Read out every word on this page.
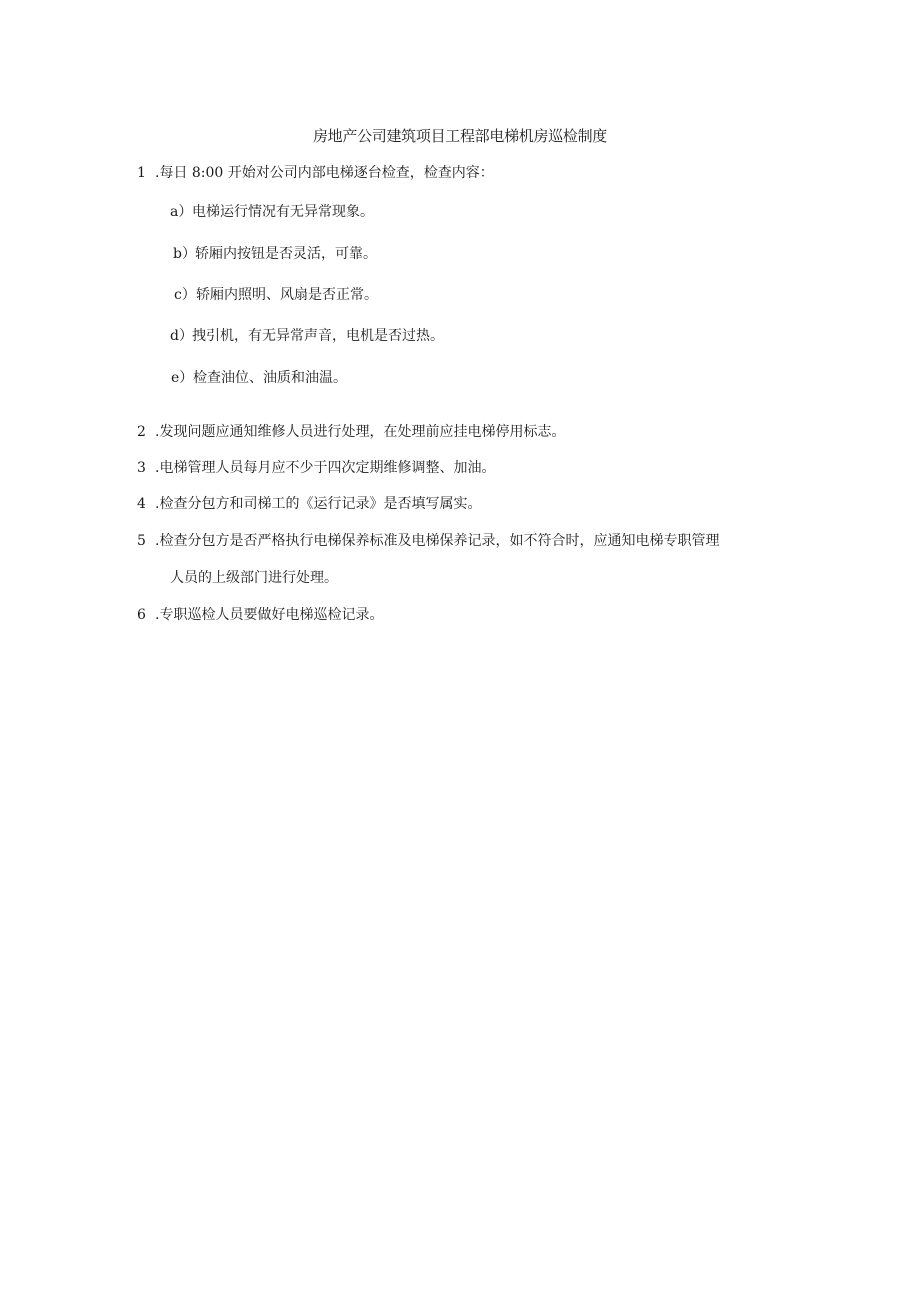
房地产公司建筑项目工程部电梯机房巡检制度
1 .每日 8:00 开始对公司内部电梯逐台检查，检查内容：
a）电梯运行情况有无异常现象。
b）轿厢内按钮是否灵活，可靠。
c）轿厢内照明、风扇是否正常。
d）拽引机，有无异常声音，电机是否过热。
e）检查油位、油质和油温。
2 .发现问题应通知维修人员进行处理，在处理前应挂电梯停用标志。
3 .电梯管理人员每月应不少于四次定期维修调整、加油。
4 .检查分包方和司梯工的《运行记录》是否填写属实。
5 .检查分包方是否严格执行电梯保养标准及电梯保养记录，如不符合时，应通知电梯专职管理
人员的上级部门进行处理。
6 .专职巡检人员要做好电梯巡检记录。
